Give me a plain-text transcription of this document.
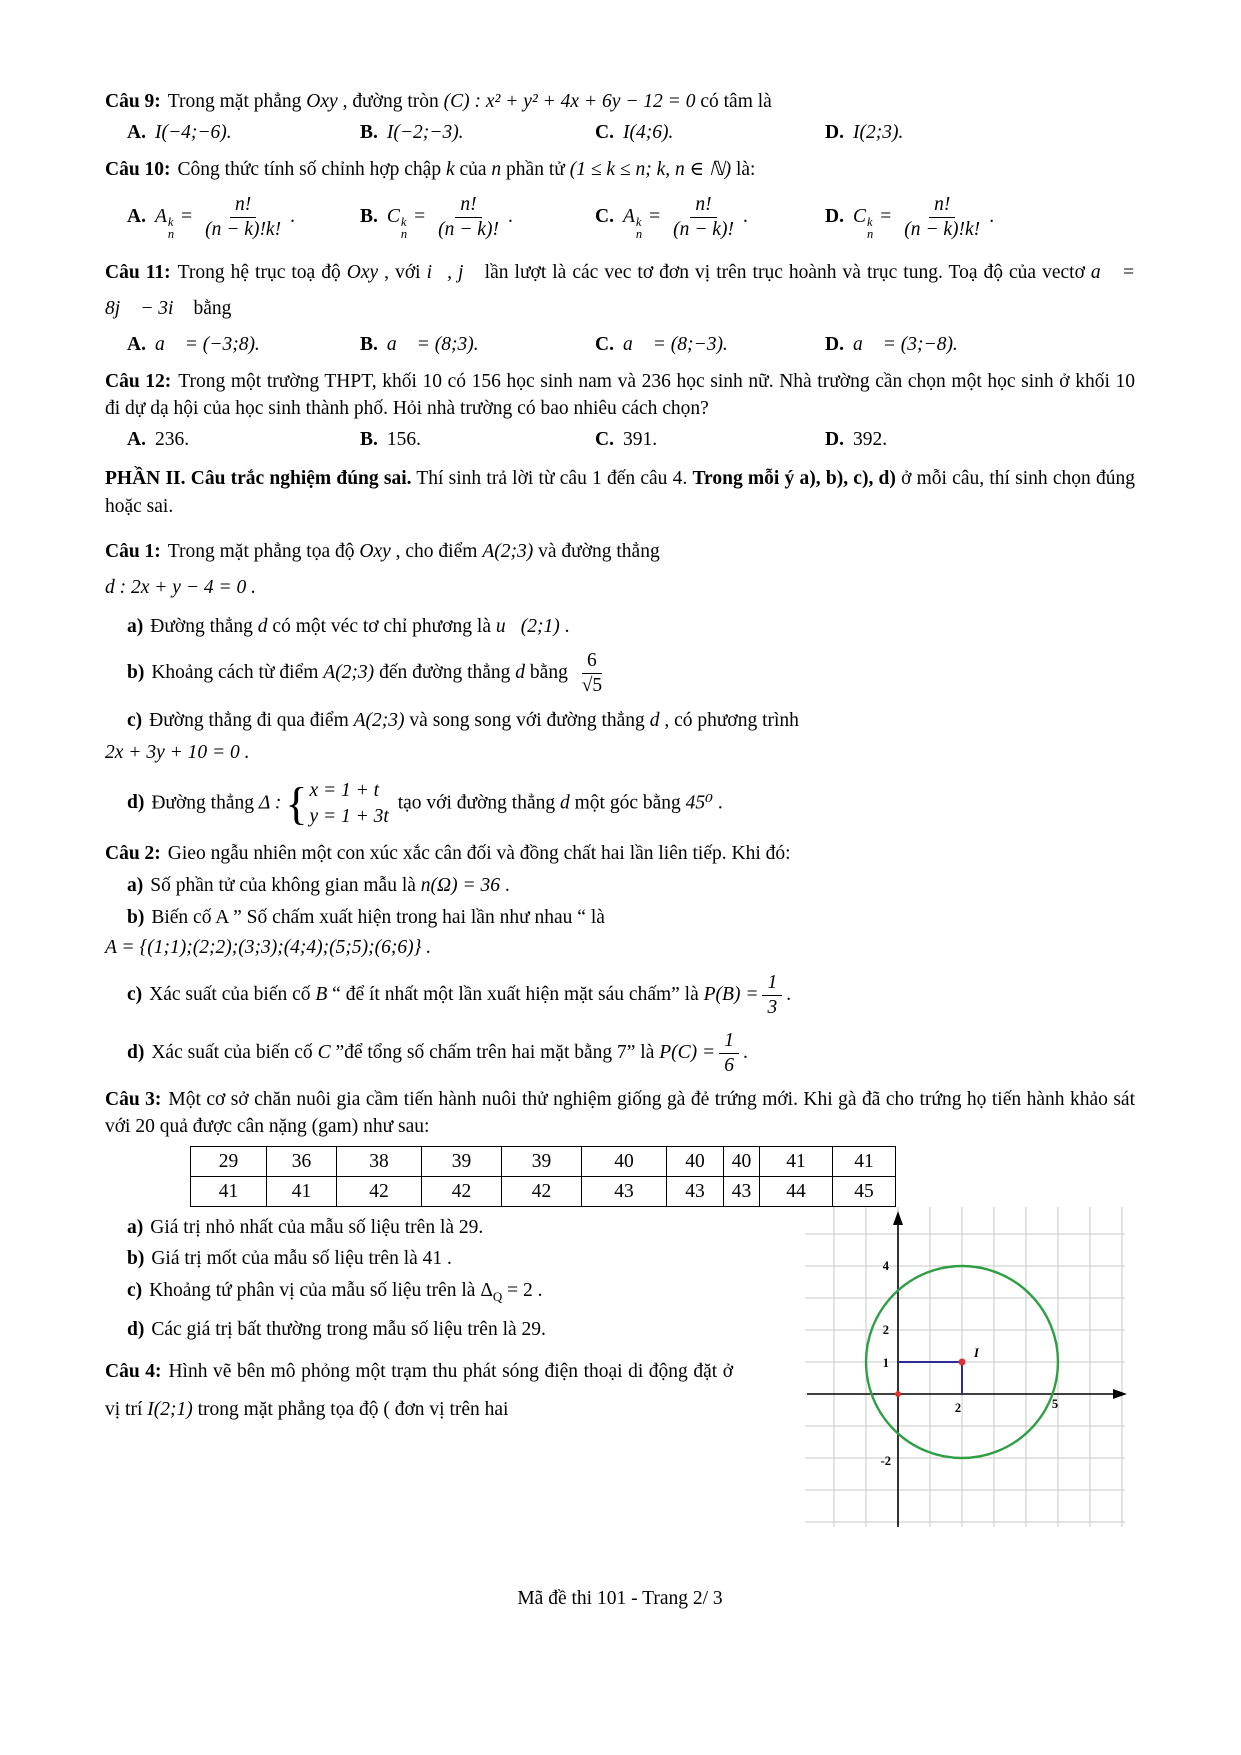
Câu 9: Trong mặt phẳng Oxy , đường tròn (C) : x² + y² + 4x + 6y − 12 = 0 có tâm là

A. I(−4;−6).	B. I(−2;−3).	C. I(4;6).	D. I(2;3).

Câu 10: Công thức tính số chỉnh hợp chập k của n phần tử (1 ≤ k ≤ n; k, n ∈ ℕ) là:

A. A k
n
= $\frac{n!}{(n - k)!k!}$ .	B. C k
n
= $\frac{n!}{(n - k)!}$ .	C. A k
n
= $\frac{n!}{(n - k)!}$ .	D. C k
n
= $\frac{n!}{(n - k)!k!}$ .

Câu 11: Trong hệ trục toạ độ Oxy , với i⃗, j⃗ lần lượt là các vec tơ đơn vị trên trục hoành và trục tung. Toạ độ của vectơ a⃗ = 8j⃗ − 3i⃗ bằng

A. a⃗ = (−3;8).	B. a⃗ = (8;3).	C. a⃗ = (8;−3).	D. a⃗ = (3;−8).

Câu 12: Trong một trường THPT, khối 10 có 156 học sinh nam và 236 học sinh nữ. Nhà trường cần chọn một học sinh ở khối 10 đi dự dạ hội của học sinh thành phố. Hỏi nhà trường có bao nhiêu cách chọn?

A. 236.	B. 156.	C. 391.	D. 392.

PHẦN II. Câu trắc nghiệm đúng sai. Thí sinh trả lời từ câu 1 đến câu 4. Trong mỗi ý a), b), c), d) ở mỗi câu, thí sinh chọn đúng hoặc sai.

Câu 1: Trong mặt phẳng tọa độ Oxy , cho điểm A(2;3) và đường thẳng

d : 2x + y − 4 = 0 .

a) Đường thẳng d có một véc tơ chỉ phương là u⃗(2;1) .

b) Khoảng cách từ điểm A(2;3) đến đường thẳng d bằng $\frac{6}{√5}$

c) Đường thẳng đi qua điểm A(2;3) và song song với đường thẳng d , có phương trình

2x + 3y + 10 = 0 .

d) Đường thẳng Δ : { x = 1 + t
y = 1 + 3t
tạo với đường thẳng d một góc bằng 45⁰ .

Câu 2: Gieo ngẫu nhiên một con xúc xắc cân đối và đồng chất hai lần liên tiếp. Khi đó:

a) Số phần tử của không gian mẫu là n(Ω) = 36 .

b) Biến cố A ” Số chấm xuất hiện trong hai lần như nhau “ là

A = {(1;1);(2;2);(3;3);(4;4);(5;5);(6;6)} .

c) Xác suất của biến cố B “ để ít nhất một lần xuất hiện mặt sáu chấm” là $P(B) = \frac{1}{3}$ .

d) Xác suất của biến cố C ”để tổng số chấm trên hai mặt bằng 7” là $P(C) = \frac{1}{6}$ .

Câu 3: Một cơ sở chăn nuôi gia cầm tiến hành nuôi thử nghiệm giống gà đẻ trứng mới. Khi gà đã cho trứng họ tiến hành khảo sát với 20 quả được cân nặng (gam) như sau:

29	36	38	39	39	40	40	40	41	41
41	41	42	42	42	43	43	43	44	45

a) Giá trị nhỏ nhất của mẫu số liệu trên là 29.

b) Giá trị mốt của mẫu số liệu trên là 41 .

c) Khoảng tứ phân vị của mẫu số liệu trên là $\Delta_Q = 2$ .

d) Các giá trị bất thường trong mẫu số liệu trên là 29.

Câu 4: Hình vẽ bên mô phỏng một trạm thu phát sóng điện thoại di động đặt ở vị trí I(2;1) trong mặt phẳng tọa độ ( đơn vị trên hai

4
2
1
-2
2	5
I

Mã đề thi 101 - Trang 2/ 3
